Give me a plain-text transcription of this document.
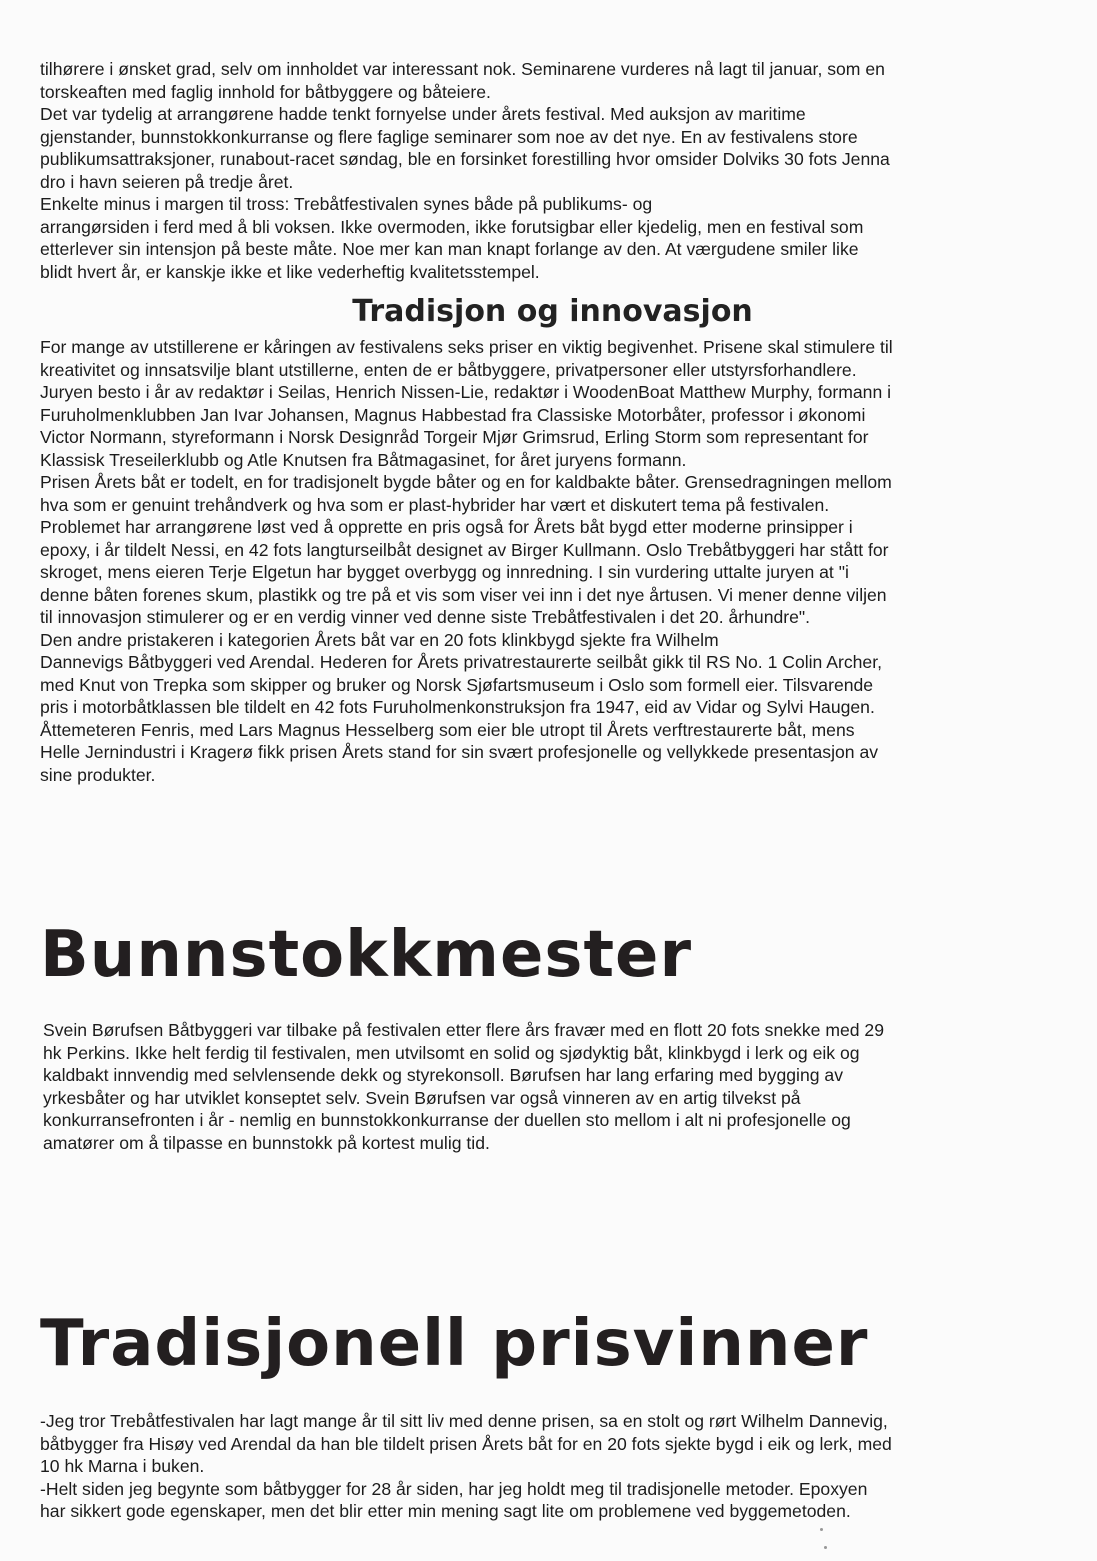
tilhørere i ønsket grad, selv om innholdet var interessant nok. Seminarene vurderes nå lagt til januar, som en
torskeaften med faglig innhold for båtbyggere og båteiere.
Det var tydelig at arrangørene hadde tenkt fornyelse under årets festival. Med auksjon av maritime
gjenstander, bunnstokkonkurranse og flere faglige seminarer som noe av det nye. En av festivalens store
publikumsattraksjoner, runabout-racet søndag, ble en forsinket forestilling hvor omsider Dolviks 30 fots Jenna
dro i havn seieren på tredje året.
Enkelte minus i margen til tross: Trebåtfestivalen synes både på publikums- og
arrangørsiden i ferd med å bli voksen. Ikke overmoden, ikke forutsigbar eller kjedelig, men en festival som
etterlever sin intensjon på beste måte. Noe mer kan man knapt forlange av den. At værgudene smiler like
blidt hvert år, er kanskje ikke et like vederheftig kvalitetsstempel.
Tradisjon og innovasjon
For mange av utstillerene er kåringen av festivalens seks priser en viktig begivenhet. Prisene skal stimulere til
kreativitet og innsatsvilje blant utstillerne, enten de er båtbyggere, privatpersoner eller utstyrsforhandlere.
Juryen besto i år av redaktør i Seilas, Henrich Nissen-Lie, redaktør i WoodenBoat Matthew Murphy, formann i
Furuholmenklubben Jan Ivar Johansen, Magnus Habbestad fra Classiske Motorbåter, professor i økonomi
Victor Normann, styreformann i Norsk Designråd Torgeir Mjør Grimsrud, Erling Storm som representant for
Klassisk Treseilerklubb og Atle Knutsen fra Båtmagasinet, for året juryens formann.
Prisen Årets båt er todelt, en for tradisjonelt bygde båter og en for kaldbakte båter. Grensedragningen mellom
hva som er genuint trehåndverk og hva som er plast-hybrider har vært et diskutert tema på festivalen.
Problemet har arrangørene løst ved å opprette en pris også for Årets båt bygd etter moderne prinsipper i
epoxy, i år tildelt Nessi, en 42 fots langturseilbåt designet av Birger Kullmann. Oslo Trebåtbyggeri har stått for
skroget, mens eieren Terje Elgetun har bygget overbygg og innredning. I sin vurdering uttalte juryen at "i
denne båten forenes skum, plastikk og tre på et vis som viser vei inn i det nye årtusen. Vi mener denne viljen
til innovasjon stimulerer og er en verdig vinner ved denne siste Trebåtfestivalen i det 20. århundre".
Den andre pristakeren i kategorien Årets båt var en 20 fots klinkbygd sjekte fra Wilhelm
Dannevigs Båtbyggeri ved Arendal. Hederen for Årets privatrestaurerte seilbåt gikk til RS No. 1 Colin Archer,
med Knut von Trepka som skipper og bruker og Norsk Sjøfartsmuseum i Oslo som formell eier. Tilsvarende
pris i motorbåtklassen ble tildelt en 42 fots Furuholmenkonstruksjon fra 1947, eid av Vidar og Sylvi Haugen.
Åttemeteren Fenris, med Lars Magnus Hesselberg som eier ble utropt til Årets verftrestaurerte båt, mens
Helle Jernindustri i Kragerø fikk prisen Årets stand for sin svært profesjonelle og vellykkede presentasjon av
sine produkter.
Bunnstokkmester
Svein Børufsen Båtbyggeri var tilbake på festivalen etter flere års fravær med en flott 20 fots snekke med 29
hk Perkins. Ikke helt ferdig til festivalen, men utvilsomt en solid og sjødyktig båt, klinkbygd i lerk og eik og
kaldbakt innvendig med selvlensende dekk og styrekonsoll. Børufsen har lang erfaring med bygging av
yrkesbåter og har utviklet konseptet selv. Svein Børufsen var også vinneren av en artig tilvekst på
konkurransefronten i år - nemlig en bunnstokkonkurranse der duellen sto mellom i alt ni profesjonelle og
amatører om å tilpasse en bunnstokk på kortest mulig tid.
Tradisjonell prisvinner
-Jeg tror Trebåtfestivalen har lagt mange år til sitt liv med denne prisen, sa en stolt og rørt Wilhelm Dannevig,
båtbygger fra Hisøy ved Arendal da han ble tildelt prisen Årets båt for en 20 fots sjekte bygd i eik og lerk, med
10 hk Marna i buken.
-Helt siden jeg begynte som båtbygger for 28 år siden, har jeg holdt meg til tradisjonelle metoder. Epoxyen
har sikkert gode egenskaper, men det blir etter min mening sagt lite om problemene ved byggemetoden.
